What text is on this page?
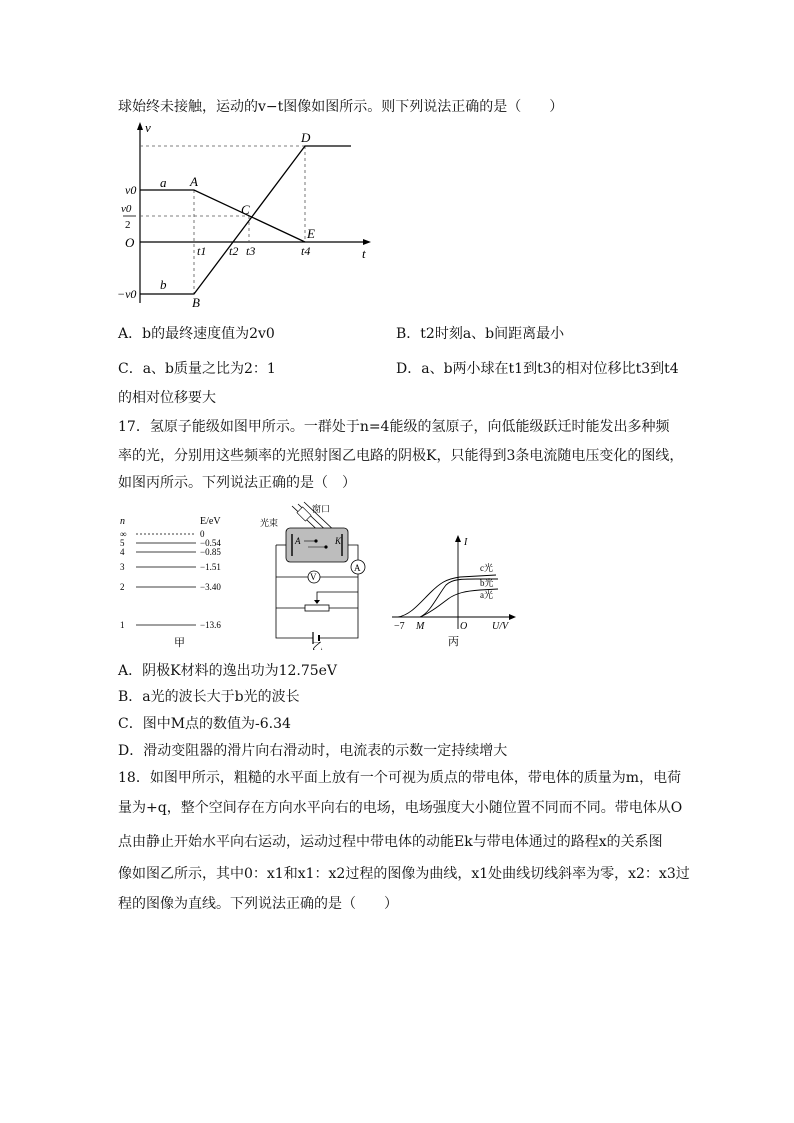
球始终未接触，运动的v−t图像如图所示。则下列说法正确的是（　　）
v
t
O
v0
v0
2
−v0
a
b
A
B
C
D
E
t1 t2 t3	t4
A．b的最终速度值为2v0	B．t2时刻a、b间距离最小
C．a、b质量之比为2：1	D．a、b两小球在t1到t3的相对位移比t3到t4
的相对位移要大
17．氢原子能级如图甲所示。一群处于n=4能级的氢原子，向低能级跃迁时能发出多种频
率的光，分别用这些频率的光照射图乙电路的阴极K，只能得到3条电流随电压变化的图线，
如图丙所示。下列说法正确的是（　）
n	E/eV
∞	0
5	−0.54
4	−0.85
3	−1.51
2	−3.40
1	−13.6
甲
窗口
光束
A	K
A
V
乙
I
c光
b光
a光
−7 M	O U/V
丙
A．阴极K材料的逸出功为12.75eV
B．a光的波长大于b光的波长
C．图中M点的数值为-6.34
D．滑动变阻器的滑片向右滑动时，电流表的示数一定持续增大
18．如图甲所示，粗糙的水平面上放有一个可视为质点的带电体，带电体的质量为m，电荷
量为+q，整个空间存在方向水平向右的电场，电场强度大小随位置不同而不同。带电体从O
点由静止开始水平向右运动，运动过程中带电体的动能Ek与带电体通过的路程x的关系图
像如图乙所示，其中0：x1和x1：x2过程的图像为曲线，x1处曲线切线斜率为零，x2：x3过
程的图像为直线。下列说法正确的是（　　）
